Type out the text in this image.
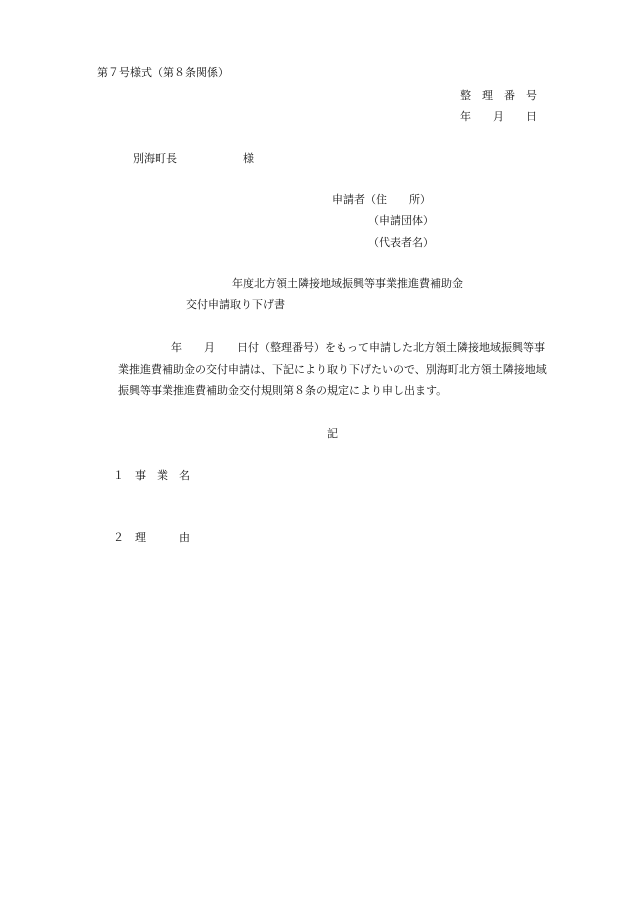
第７号様式（第８条関係）
整　理　番　号
年　　月　　日
別海町長　　　　　　様
申請者（住　　所）
（申請団体）
（代表者名）
年度北方領土隣接地域振興等事業推進費補助金
交付申請取り下げ書
年　　月　　日付（整理番号）をもって申請した北方領土隣接地域振興等事
業推進費補助金の交付申請は、下記により取り下げたいので、別海町北方領土隣接地域
振興等事業推進費補助金交付規則第８条の規定により申し出ます。
記
１ 事　業　名
２ 理　　　由
